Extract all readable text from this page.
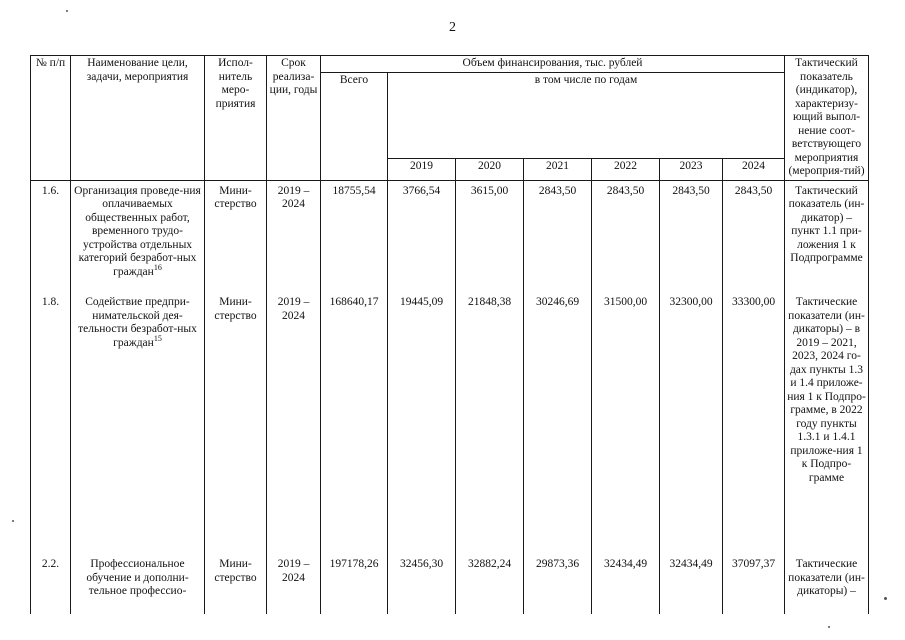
2
№ п/п	Наименование цели, задачи, мероприятия	Испол-нитель меро-приятия	Срок реализа-ции, годы	Объем финансирования, тыс. рублей							Тактический показатель (индикатор), характеризу-ющий выпол-нение соот-ветствующего мероприятия (мероприя-тий)
				Всего	в том числе по годам						
					2019	2020	2021	2022	2023	2024	
1.6.	Организация проведе-ния оплачиваемых общественных работ, временного трудо-устройства отдельных категорий безработ-ных граждан$^{16}$	Мини-стерство	2019 – 2024	18755,54	3766,54	3615,00	2843,50	2843,50	2843,50	2843,50	Тактический показатель (ин-дикатор) – пункт 1.1 при-ложения 1 к Подпрограмме
1.8.	Содействие предпри-нимательской дея-тельности безработ-ных граждан$^{15}$	Мини-стерство	2019 – 2024	168640,17	19445,09	21848,38	30246,69	31500,00	32300,00	33300,00	Тактические показатели (ин-дикаторы) – в 2019 – 2021, 2023, 2024 го-дах пункты 1.3 и 1.4 приложе-ния 1 к Подпро-грамме, в 2022 году пункты 1.3.1 и 1.4.1 приложе-ния 1 к Подпро-грамме
2.2.	Профессиональное обучение и дополни-тельное профессио-	Мини-стерство	2019 – 2024	197178,26	32456,30	32882,24	29873,36	32434,49	32434,49	37097,37	Тактические показатели (ин-дикаторы) –
